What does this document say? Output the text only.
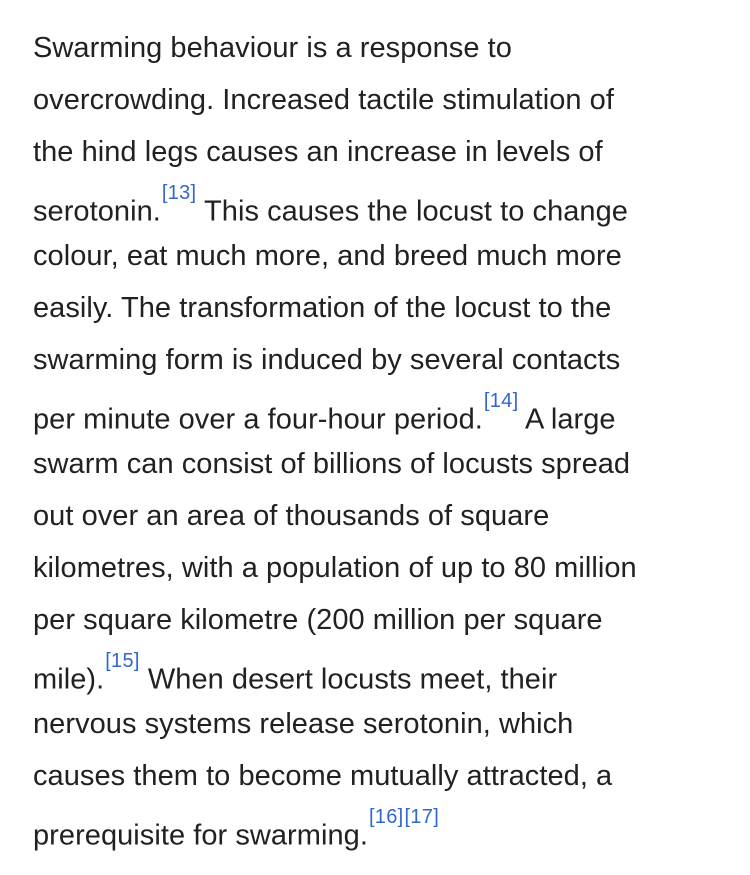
Swarming behaviour is a response to
overcrowding. Increased tactile stimulation of
the hind legs causes an increase in levels of
serotonin.[13] This causes the locust to change
colour, eat much more, and breed much more
easily. The transformation of the locust to the
swarming form is induced by several contacts
per minute over a four-hour period.[14] A large
swarm can consist of billions of locusts spread
out over an area of thousands of square
kilometres, with a population of up to 80 million
per square kilometre (200 million per square
mile).[15] When desert locusts meet, their
nervous systems release serotonin, which
causes them to become mutually attracted, a
prerequisite for swarming.[16][17]
